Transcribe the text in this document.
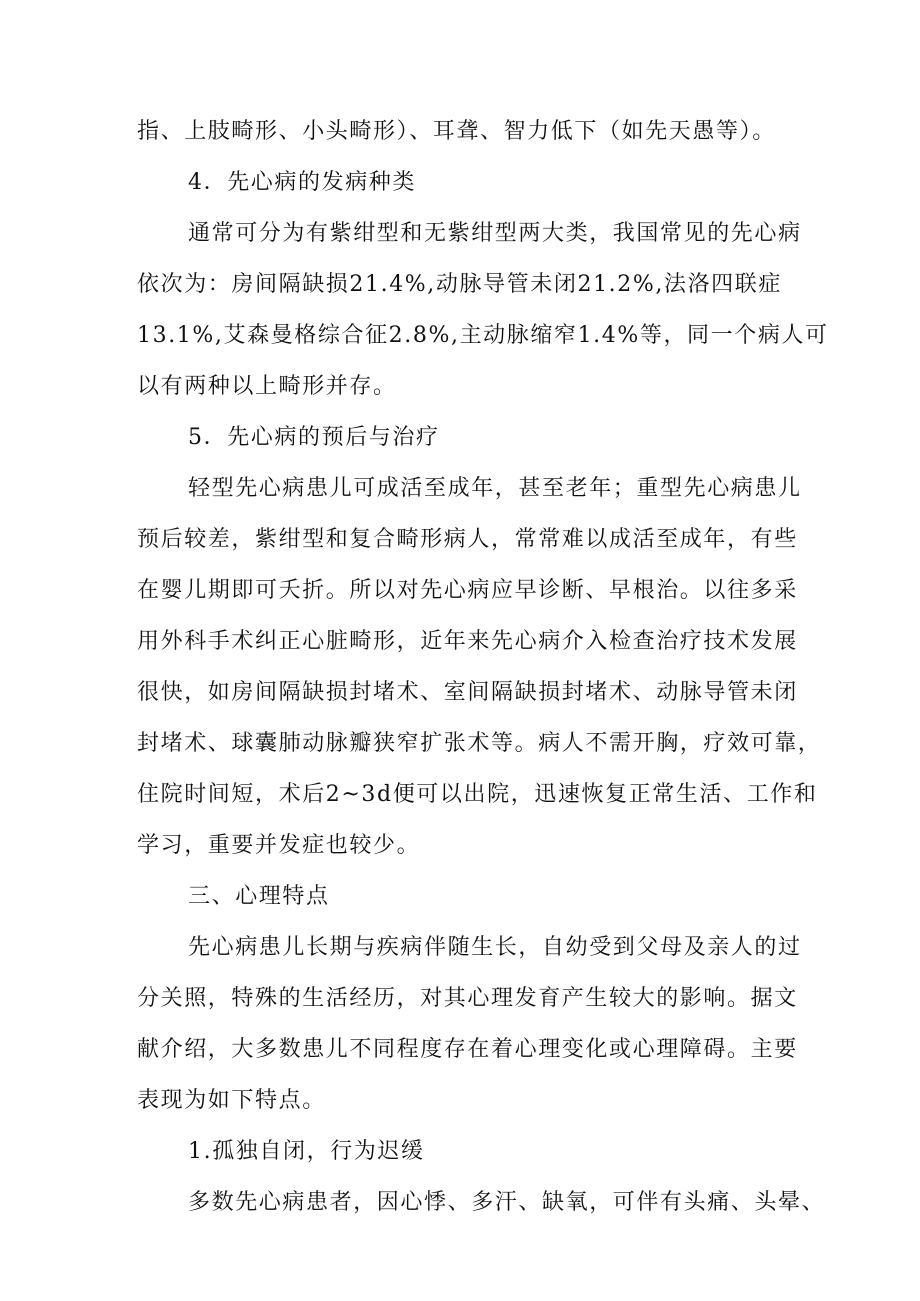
指、上肢畸形、小头畸形）、耳聋、智力低下（如先天愚等）。
4．先心病的发病种类
通常可分为有紫绀型和无紫绀型两大类，我国常见的先心病
依次为：房间隔缺损21.4%,动脉导管未闭21.2%,法洛四联症
13.1%,艾森曼格综合征2.8%,主动脉缩窄1.4%等，同一个病人可
以有两种以上畸形并存。
5．先心病的预后与治疗
轻型先心病患儿可成活至成年，甚至老年；重型先心病患儿
预后较差，紫绀型和复合畸形病人，常常难以成活至成年，有些
在婴儿期即可夭折。所以对先心病应早诊断、早根治。以往多采
用外科手术纠正心脏畸形，近年来先心病介入检查治疗技术发展
很快，如房间隔缺损封堵术、室间隔缺损封堵术、动脉导管未闭
封堵术、球囊肺动脉瓣狭窄扩张术等。病人不需开胸，疗效可靠，
住院时间短，术后2~3d便可以出院，迅速恢复正常生活、工作和
学习，重要并发症也较少。
三、心理特点
先心病患儿长期与疾病伴随生长，自幼受到父母及亲人的过
分关照，特殊的生活经历，对其心理发育产生较大的影响。据文
献介绍，大多数患儿不同程度存在着心理变化或心理障碍。主要
表现为如下特点。
1.孤独自闭，行为迟缓
多数先心病患者，因心悸、多汗、缺氧，可伴有头痛、头晕、
